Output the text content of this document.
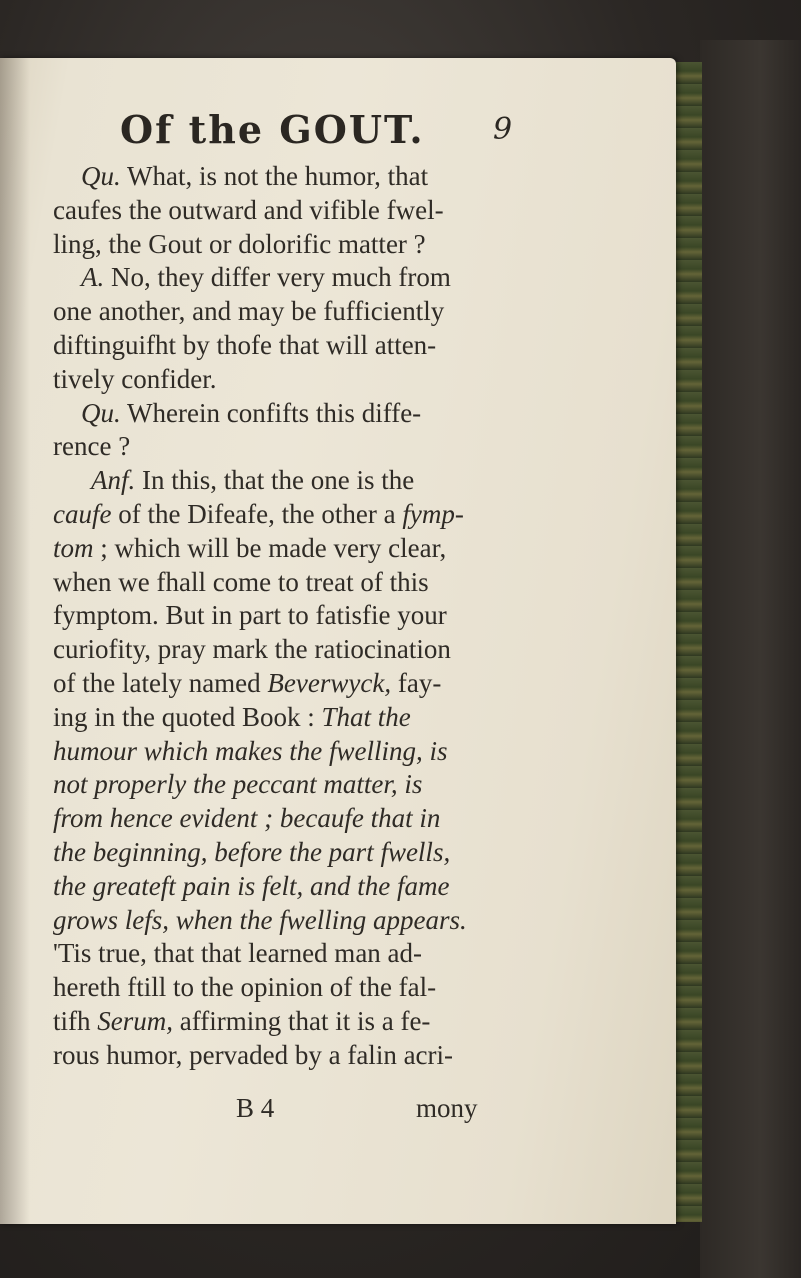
Of the GOUT.	9
Qu. What, is not the humor, that
caufes the outward and vifible fwel-
ling, the Gout or dolorific matter ?
A. No, they differ very much from
one another, and may be fufficiently
diftinguifht by thofe that will atten-
tively confider.
Qu. Wherein confifts this diffe-
rence ?
Anf. In this, that the one is the
caufe of the Difeafe, the other a fymp-
tom ; which will be made very clear,
when we fhall come to treat of this
fymptom. But in part to fatisfie your
curiofity, pray mark the ratiocination
of the lately named Beverwyck, fay-
ing in the quoted Book : That the
humour which makes the fwelling, is
not properly the peccant matter, is
from hence evident ; becaufe that in
the beginning, before the part fwells,
the greateft pain is felt, and the fame
grows lefs, when the fwelling appears.
'Tis true, that that learned man ad-
hereth ftill to the opinion of the fal-
tifh Serum, affirming that it is a fe-
rous humor, pervaded by a falin acri-
B 4	mony
